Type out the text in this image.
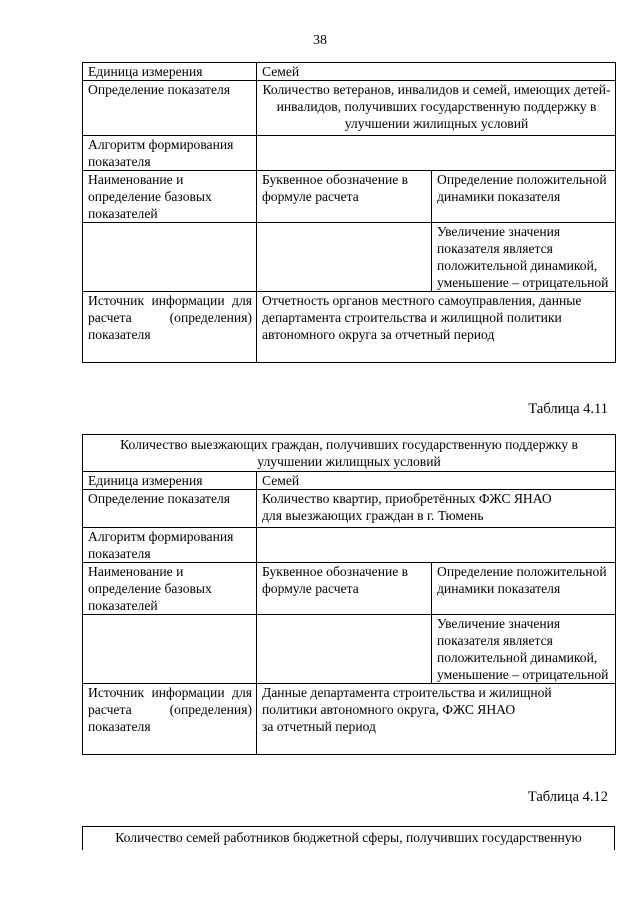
38
Единица измерения	Семей	
Определение показателя	Количество ветеранов, инвалидов и семей, имеющих детей-инвалидов, получивших государственную поддержку в улучшении жилищных условий	
Алгоритм формирования показателя		
Наименование и определение базовых показателей	Буквенное обозначение в формуле расчета	Определение положительной динамики показателя
		Увеличение значения показателя является положительной динамикой, уменьшение – отрицательной
Источник информации для расчета (определения) показателя	Отчетность органов местного самоуправления, данные департамента строительства и жилищной политики автономного округа за отчетный период	
Таблица 4.11
Количество выезжающих граждан, получивших государственную поддержку в улучшении жилищных условий		
Единица измерения	Семей	
Определение показателя	Количество квартир, приобретённых ФЖС ЯНАО
для выезжающих граждан в г. Тюмень	

Алгоритм формирования показателя		
Наименование и определение базовых показателей	Буквенное обозначение в формуле расчета	Определение положительной динамики показателя
		Увеличение значения показателя является положительной динамикой, уменьшение – отрицательной
Источник информации для расчета (определения) показателя	Данные департамента строительства и жилищной
политики автономного округа, ФЖС ЯНАО
за отчетный период	
Таблица 4.12
Количество семей работников бюджетной сферы, получивших государственную
